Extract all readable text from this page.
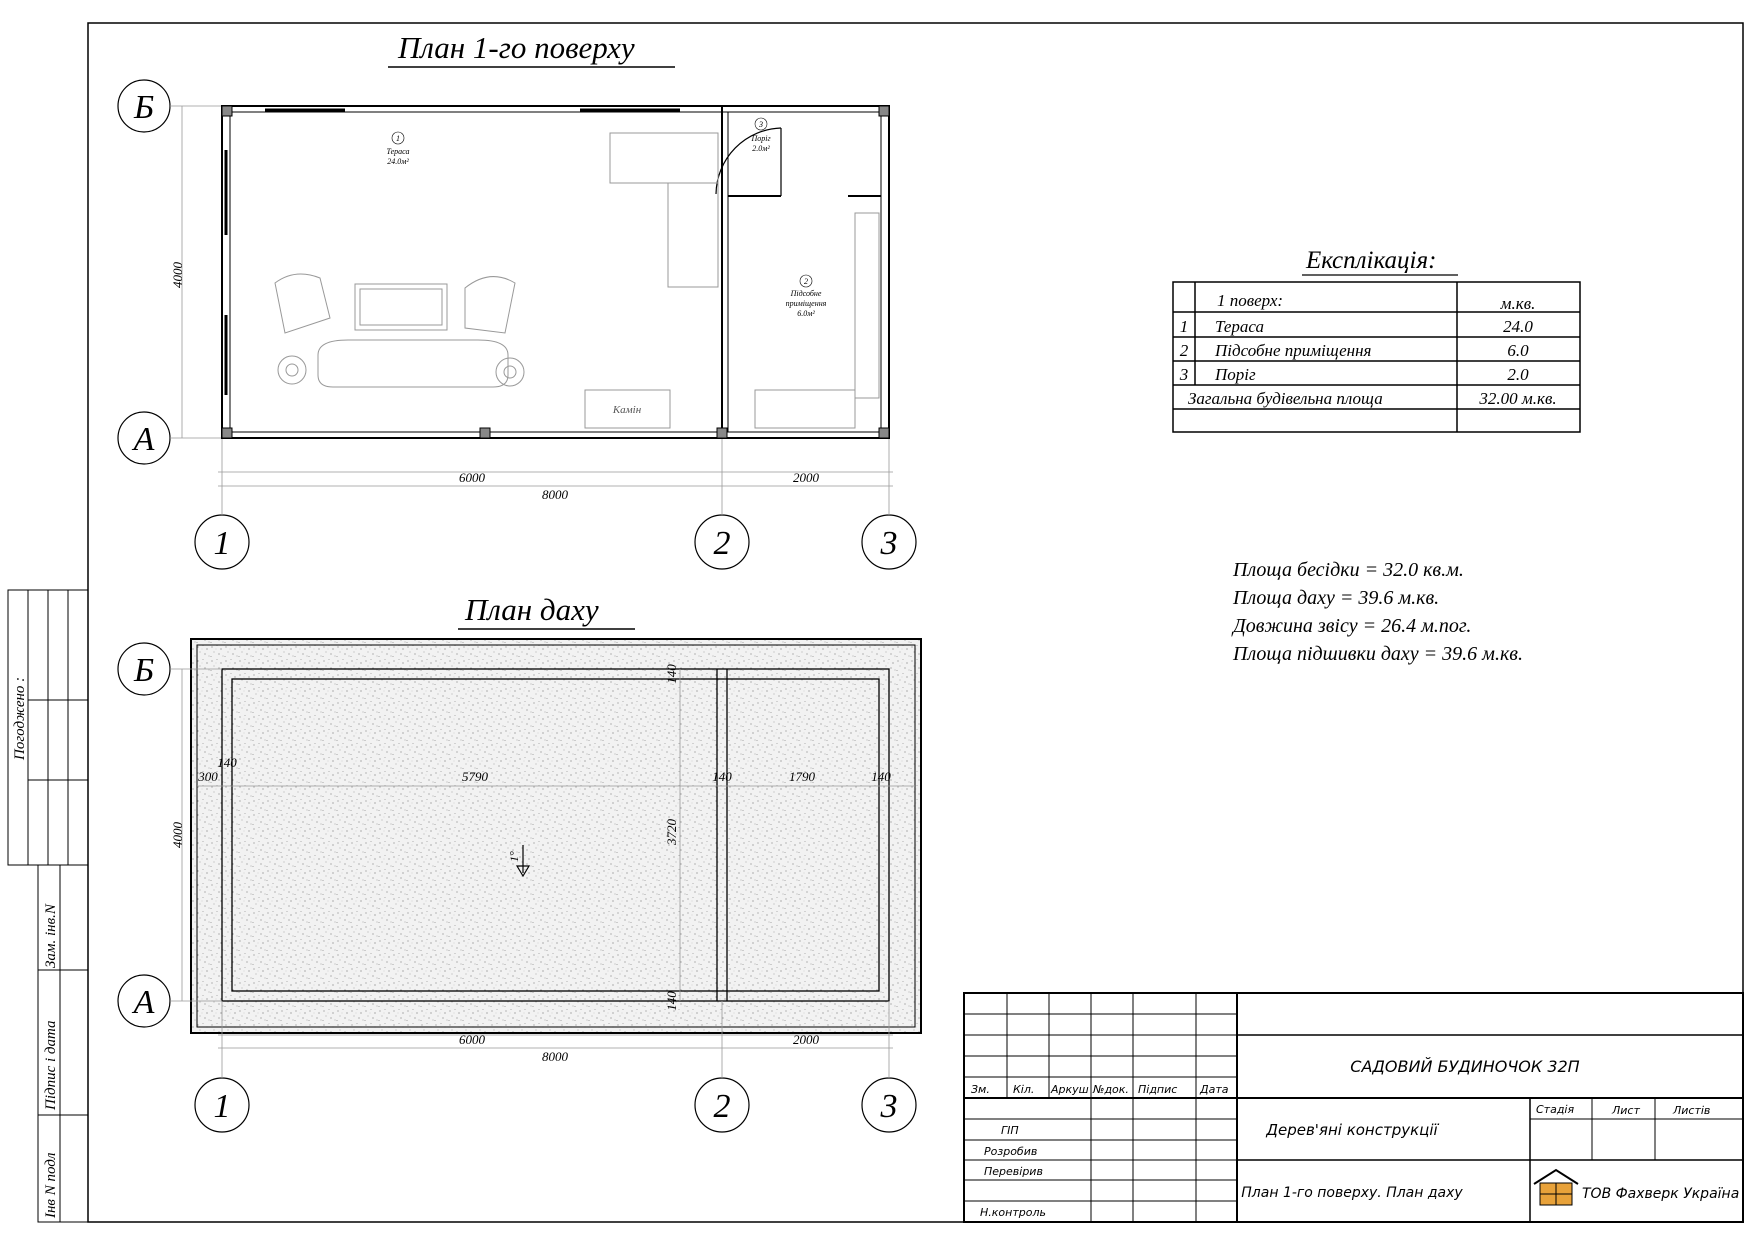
Погоджено :
Зам. інв.N
Підпис і дата
Інв N подл
План 1-го поверху
Б
А
1	2	3
4000
6000	2000
8000
Камін
1
Тераса
24.0м²
2
Підсобне
приміщення
6.0м²
3
Поріг
2.0м²
План даху
Б
А
1	2	3
4000
140
300	5790	140	1790	140
3720
140
140
6000	2000
8000
1°
Експлікація:
1 поверх:	м.кв.
1 Тераса	24.0
2 Підсобне приміщення	6.0
3 Поріг	2.0
Загальна будівельна площа	32.00 м.кв.
Площа бесідки = 32.0 кв.м.
Площа даху = 39.6 м.кв.
Довжина звісу = 26.4 м.пог.
Площа підшивки даху = 39.6 м.кв.
Зм. Кіл. Аркуш №док. Підпис Дата
ГІП
Розробив
Перевірив
Н.контроль
Стадія	Лист	Листів
САДОВИЙ БУДИНОЧОК 32П
Дерев'яні конструкції
План 1-го поверху. План даху	ТОВ Фахверк Україна
